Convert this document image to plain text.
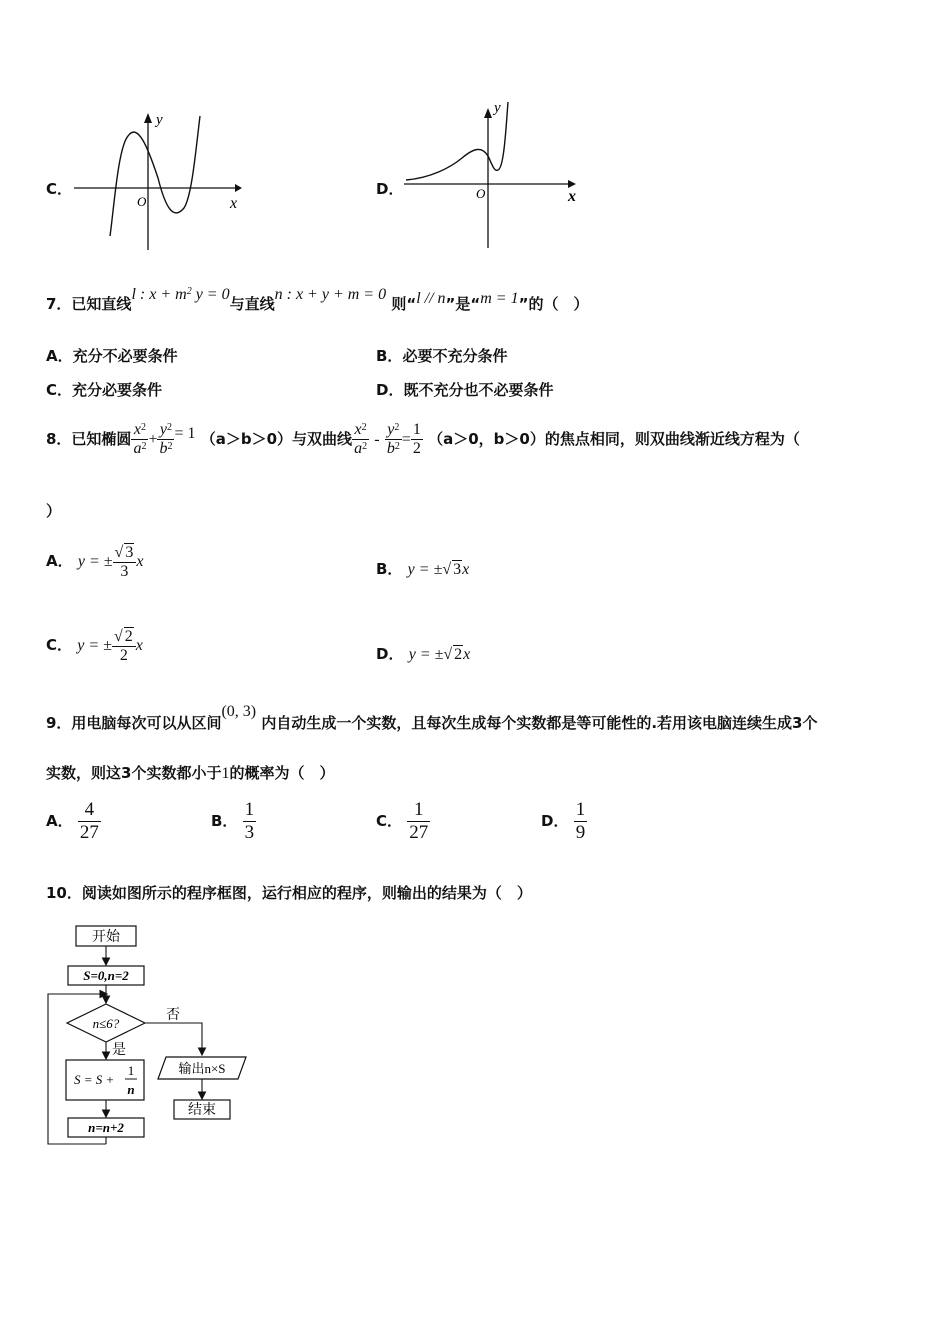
C．
y
x
O
D．
y
x
O
7．已知直线l : $x + m^2$ y = 0与直线n : x + y + m = 0 则“l // n”是“m = 1”的（　）
A．充分不必要条件	B．必要不充分条件
C．充分必要条件	D．既不充分也不必要条件
8．已知椭圆 $\frac{x^2}{a^2} + \frac{y^2}{b^2} = 1$ （a＞b＞0）与双曲线 $\frac{x^2}{a^2} - \frac{y^2}{b^2} = \frac{1}{2} (a>0$，b＞0）的焦点相同，则双曲线渐近线方程为（
）
A． y = ± $\frac{√ 3}{3}$ x	B． y = ±√ 3x
C． y = ± $\frac{√ 2}{2}$ x	D． y = ±√ 2x
9．用电脑每次可以从区间(0, 3) 内自动生成一个实数，且每次生成每个实数都是等可能性的.若用该电脑连续生成3个
实数，则这3个实数都小于1的概率为（　）
A． $\frac{4}{27}$	B． $\frac{1}{3}$	C． $\frac{1}{27}$	D． $\frac{1}{9}$
10．阅读如图所示的程序框图，运行相应的程序，则输出的结果为（　）
开始
S=0,n=2
n≤6?
否
是
S = S +
1
n
n=n+2
输出n×S
结束
